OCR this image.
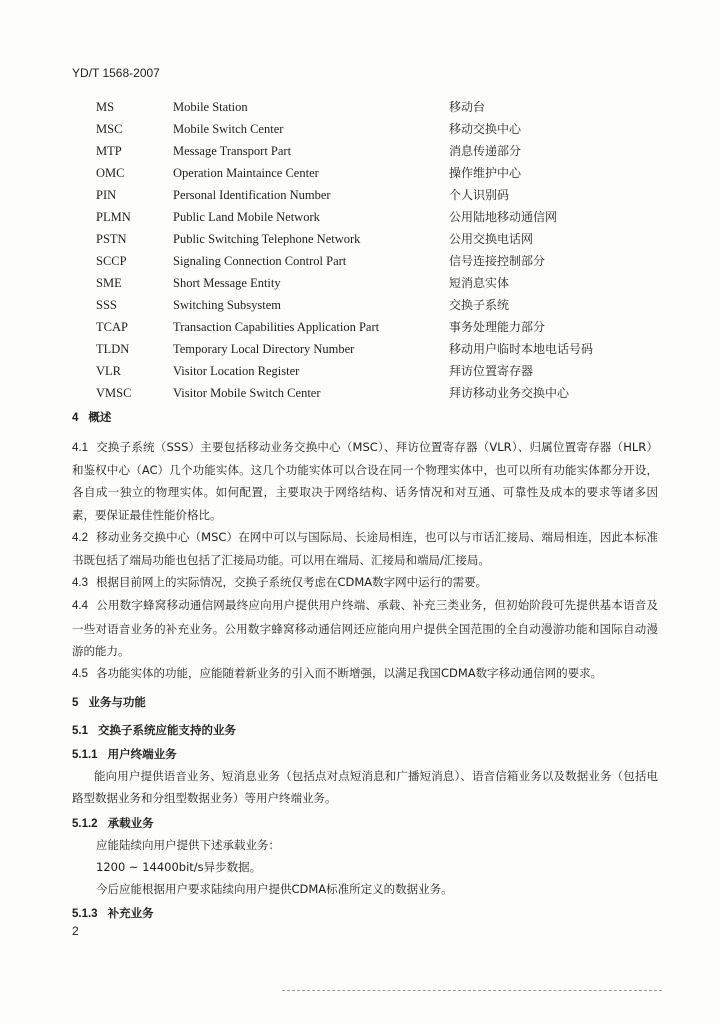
YD/T 1568-2007
MS	Mobile Station	移动台
MSC	Mobile Switch Center	移动交换中心
MTP	Message Transport Part	消息传递部分
OMC	Operation Maintaince Center	操作维护中心
PIN	Personal Identification Number	个人识别码
PLMN	Public Land Mobile Network	公用陆地移动通信网
PSTN	Public Switching Telephone Network	公用交换电话网
SCCP	Signaling Connection Control Part	信号连接控制部分
SME	Short Message Entity	短消息实体
SSS	Switching Subsystem	交换子系统
TCAP	Transaction Capabilities Application Part	事务处理能力部分
TLDN	Temporary Local Directory Number	移动用户临时本地电话号码
VLR	Visitor Location Register	拜访位置寄存器
VMSC	Visitor Mobile Switch Center	拜访移动业务交换中心
4 概述
4.1 交换子系统（SSS）主要包括移动业务交换中心（MSC）、拜访位置寄存器（VLR）、归属位置寄存器（HLR）和鉴权中心（AC）几个功能实体。这几个功能实体可以合设在同一个物理实体中，也可以所有功能实体都分开设，各自成一独立的物理实体。如何配置，主要取决于网络结构、话务情况和对互通、可靠性及成本的要求等诸多因素，要保证最佳性能价格比。
4.2 移动业务交换中心（MSC）在网中可以与国际局、长途局相连，也可以与市话汇接局、端局相连，因此本标准书既包括了端局功能也包括了汇接局功能。可以用在端局、汇接局和端局/汇接局。
4.3 根据目前网上的实际情况，交换子系统仅考虑在CDMA数字网中运行的需要。
4.4 公用数字蜂窝移动通信网最终应向用户提供用户终端、承载、补充三类业务，但初始阶段可先提供基本语音及一些对语音业务的补充业务。公用数字蜂窝移动通信网还应能向用户提供全国范围的全自动漫游功能和国际自动漫游的能力。
4.5 各功能实体的功能，应能随着新业务的引入而不断增强，以满足我国CDMA数字移动通信网的要求。
5 业务与功能
5.1 交换子系统应能支持的业务
5.1.1 用户终端业务
能向用户提供语音业务、短消息业务（包括点对点短消息和广播短消息）、语音信箱业务以及数据业务（包括电路型数据业务和分组型数据业务）等用户终端业务。
5.1.2 承载业务
应能陆续向用户提供下述承载业务：
1200 ~ 14400bit/s异步数据。
今后应能根据用户要求陆续向用户提供CDMA标准所定义的数据业务。
5.1.3 补充业务
2
